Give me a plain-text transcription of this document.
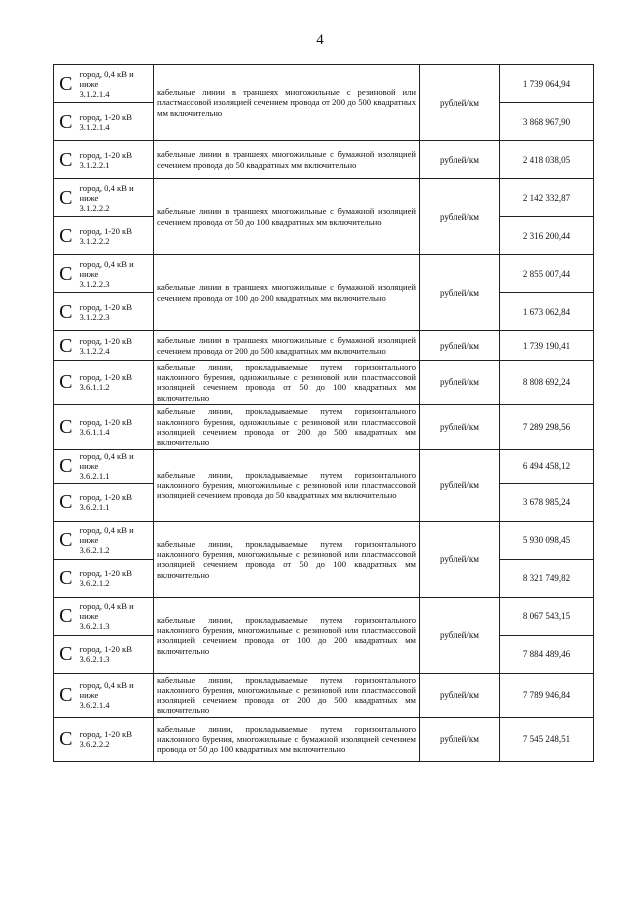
4
С	город, 0,4 кВ и
ниже
3.1.2.1.4	кабельные линии в траншеях многожильные с резиновой или пластмассовой изоляцией сечением провода от 200 до 500 квадратных мм включительно	рублей/км	1 739 064,94
С	город, 1-20 кВ
3.1.2.1.4			3 868 967,90
С	город, 1-20 кВ
3.1.2.2.1	кабельные линии в траншеях многожильные с бумажной изоляцией сечением провода до 50 квадратных мм включительно	рублей/км	2 418 038,05
С	город, 0,4 кВ и
ниже
3.1.2.2.2	кабельные линии в траншеях многожильные с бумажной изоляцией сечением провода от 50 до 100 квадратных мм включительно	рублей/км	2 142 332,87
С	город, 1-20 кВ
3.1.2.2.2			2 316 200,44
С	город, 0,4 кВ и
ниже
3.1.2.2.3	кабельные линии в траншеях многожильные с бумажной изоляцией сечением провода от 100 до 200 квадратных мм включительно	рублей/км	2 855 007,44
С	город, 1-20 кВ
3.1.2.2.3			1 673 062,84
С	город, 1-20 кВ
3.1.2.2.4	кабельные линии в траншеях многожильные с бумажной изоляцией сечением провода от 200 до 500 квадратных мм включительно	рублей/км	1 739 190,41
С	город, 1-20 кВ
3.6.1.1.2	кабельные линии, прокладываемые путем горизонтального наклонного бурения, одножильные с резиновой или пластмассовой изоляцией сечением провода от 50 до 100 квадратных мм включительно	рублей/км	8 808 692,24
С	город, 1-20 кВ
3.6.1.1.4	кабельные линии, прокладываемые путем горизонтального наклонного бурения, одножильные с резиновой или пластмассовой изоляцией сечением провода от 200 до 500 квадратных мм включительно	рублей/км	7 289 298,56
С	город, 0,4 кВ и
ниже
3.6.2.1.1	кабельные линии, прокладываемые путем горизонтального наклонного бурения, многожильные с резиновой или пластмассовой изоляцией сечением провода до 50 квадратных мм включительно	рублей/км	6 494 458,12
С	город, 1-20 кВ
3.6.2.1.1			3 678 985,24
С	город, 0,4 кВ и
ниже
3.6.2.1.2	кабельные линии, прокладываемые путем горизонтального наклонного бурения, многожильные с резиновой или пластмассовой изоляцией сечением провода от 50 до 100 квадратных мм включительно	рублей/км	5 930 098,45
С	город, 1-20 кВ
3.6.2.1.2			8 321 749,82
С	город, 0,4 кВ и
ниже
3.6.2.1.3	кабельные линии, прокладываемые путем горизонтального наклонного бурения, многожильные с резиновой или пластмассовой изоляцией сечением провода от 100 до 200 квадратных мм включительно	рублей/км	8 067 543,15
С	город, 1-20 кВ
3.6.2.1.3			7 884 489,46
С	город, 0,4 кВ и
ниже
3.6.2.1.4	кабельные линии, прокладываемые путем горизонтального наклонного бурения, многожильные с резиновой или пластмассовой изоляцией сечением провода от 200 до 500 квадратных мм включительно	рублей/км	7 789 946,84
С	город, 1-20 кВ
3.6.2.2.2	кабельные линии, прокладываемые путем горизонтального наклонного бурения, многожильные с бумажной изоляцией сечением провода от 50 до 100 квадратных мм включительно	рублей/км	7 545 248,51
